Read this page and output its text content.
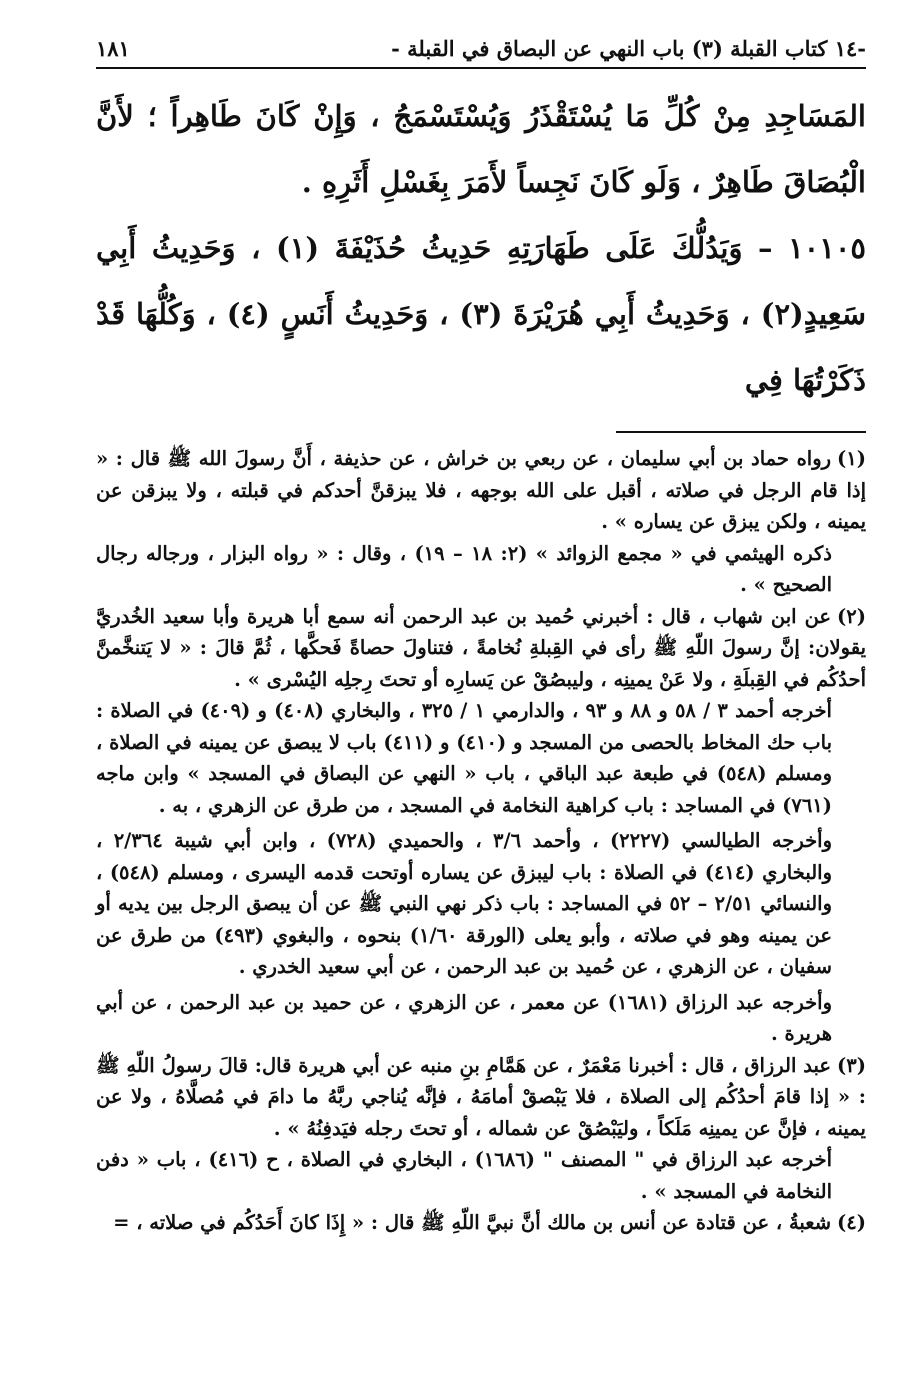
-١٤ كتاب القبلة (٣) باب النهي عن البصاق في القبلة -
١٨١

المَسَاجِدِ مِنْ كُلِّ مَا يُسْتَقْذَرُ وَيُسْتَسْمَجُ ، وَإِنْ كَانَ طَاهِراً ؛ لأَنَّ الْبُصَاقَ طَاهِرٌ ، وَلَو كَانَ نَجِساً لأَمَرَ بِغَسْلِ أَثَرِهِ .

١٠١٠٥ – وَيَدُلُّكَ عَلَى طَهَارَتِهِ حَدِيثُ حُذَيْفَةَ (١) ، وَحَدِيثُ أَبِي سَعِيدٍ(٢) ، وَحَدِيثُ أَبِي هُرَيْرَةَ (٣) ، وَحَدِيثُ أَنَسٍ (٤) ، وَكُلُّهَا قَدْ ذَكَرْتُهَا فِي

(١)رواه حماد بن أبي سليمان ، عن ربعي بن خراش ، عن حذيفة ، أَنَّ رسولَ الله ﷺ قال : « إذا قام الرجل في صلاته ، أقبل على الله بوجهه ، فلا يبزقنَّ أحدكم في قبلته ، ولا يبزقن عن يمينه ، ولكن يبزق عن يساره » .

ذكره الهيثمي في « مجمع الزوائد » (٢: ١٨ – ١٩) ، وقال : « رواه البزار ، ورجاله رجال الصحيح » .

(٢)عن ابن شهاب ، قال : أخبرني حُميد بن عبد الرحمن أنه سمع أبا هريرة وأبا سعيد الخُدريَّ يقولان: إنَّ رسولَ اللّهِ ﷺ رأى في القِبلةِ نُخامةً ، فتناولَ حصاةً فَحكَّها ، ثُمَّ قالَ : « لا يَتنخَّمنَّ أحدُكُم في القِبلَةِ ، ولا عَنْ يمينِه ، وليبصُقْ عن يَسارِه أو تحتَ رِجلِه اليُسْرى » .

أخرجه أحمد ٣ / ٥٨ و ٨٨ و ٩٣ ، والدارمي ١ / ٣٢٥ ، والبخاري (٤٠٨) و (٤٠٩) في الصلاة : باب حك المخاط بالحصى من المسجد و (٤١٠) و (٤١١) باب لا يبصق عن يمينه في الصلاة ، ومسلم (٥٤٨) في طبعة عبد الباقي ، باب « النهي عن البصاق في المسجد » وابن ماجه (٧٦١) في المساجد : باب كراهية النخامة في المسجد ، من طرق عن الزهري ، به .

وأخرجه الطيالسي (٢٢٢٧) ، وأحمد ٣/٦ ، والحميدي (٧٢٨) ، وابن أبي شيبة ٢/٣٦٤ ، والبخاري (٤١٤) في الصلاة : باب ليبزق عن يساره أوتحت قدمه اليسرى ، ومسلم (٥٤٨) ، والنسائي ٢/٥١ – ٥٢ في المساجد : باب ذكر نهي النبي ﷺ عن أن يبصق الرجل بين يديه أو عن يمينه وهو في صلاته ، وأبو يعلى (الورقة ١/٦٠) بنحوه ، والبغوي (٤٩٣) من طرق عن سفيان ، عن الزهري ، عن حُميد بن عبد الرحمن ، عن أبي سعيد الخدري .

وأخرجه عبد الرزاق (١٦٨١) عن معمر ، عن الزهري ، عن حميد بن عبد الرحمن ، عن أبي هريرة .

(٣)عبد الرزاق ، قال : أخبرنا مَعْمَرٌ ، عن هَمَّامِ بنِ منبه عن أبي هريرة قال: قالَ رسولُ اللّهِ ﷺ : « إذا قامَ أحدُكُم إلى الصلاة ، فلا يَبْصقْ أمامَهُ ، فإنَّه يُناجي ربَّهُ ما دامَ في مُصلَّاهُ ، ولا عن يمينه ، فإنَّ عن يمينِه مَلَكاً ، وليَبْصُقْ عن شماله ، أو تحتَ رجله فيَدفِنُهُ » .

أخرجه عبد الرزاق في " المصنف " (١٦٨٦) ، البخاري في الصلاة ، ح (٤١٦) ، باب « دفن النخامة في المسجد » .

(٤)شعبةُ ، عن قتادة عن أنس بن مالك أنَّ نبيَّ اللّهِ ﷺ قال : « إِذَا كانَ أَحَدُكُم في صلاته ، =
